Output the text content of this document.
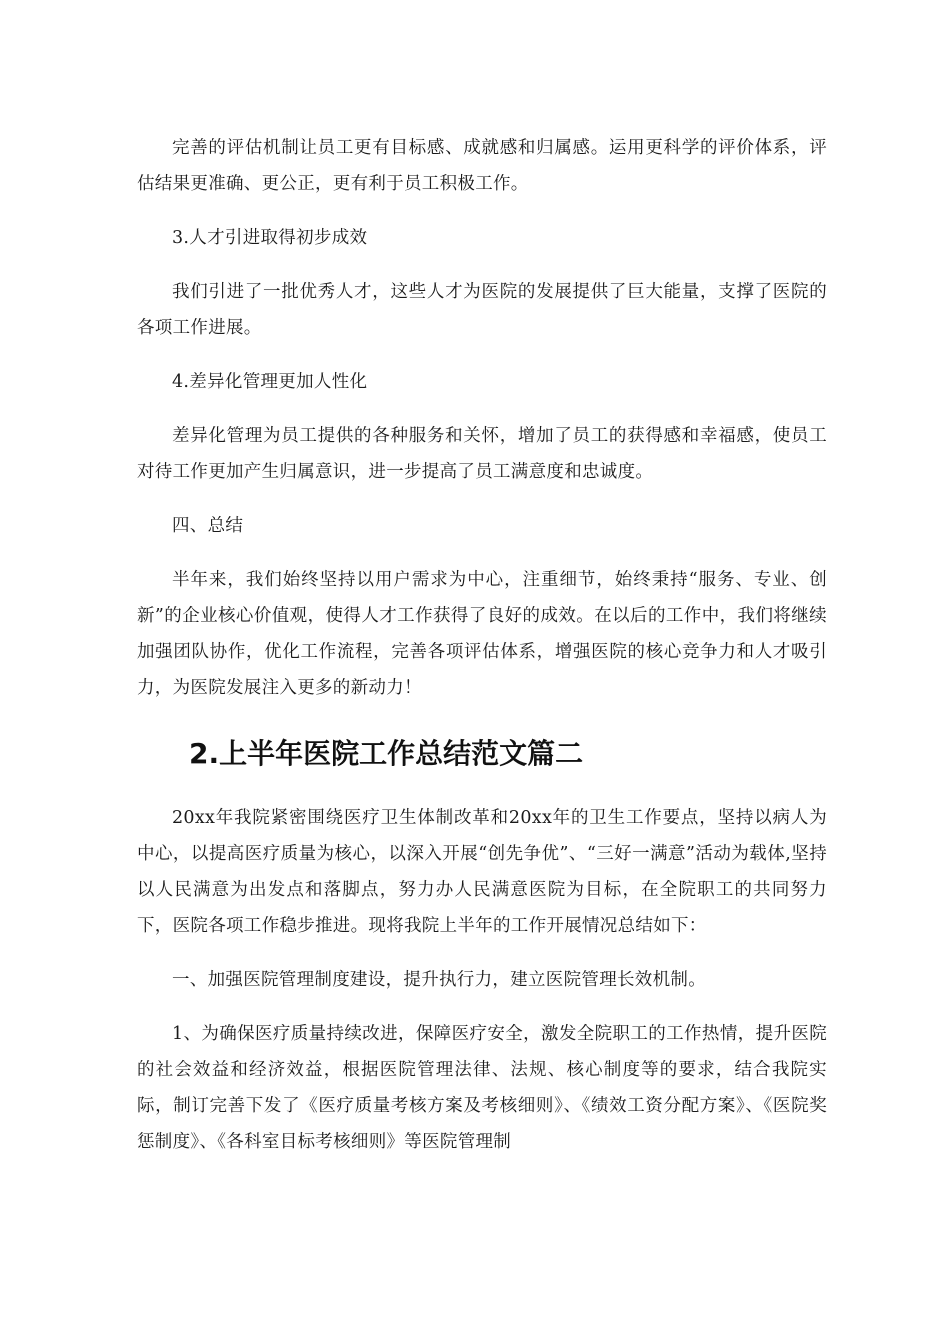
完善的评估机制让员工更有目标感、成就感和归属感。运用更科学的评价体系，评估结果更准确、更公正，更有利于员工积极工作。

3.人才引进取得初步成效

我们引进了一批优秀人才，这些人才为医院的发展提供了巨大能量，支撑了医院的各项工作进展。

4.差异化管理更加人性化

差异化管理为员工提供的各种服务和关怀，增加了员工的获得感和幸福感，使员工对待工作更加产生归属意识，进一步提高了员工满意度和忠诚度。

四、总结

半年来，我们始终坚持以用户需求为中心，注重细节，始终秉持“服务、专业、创新”的企业核心价值观，使得人才工作获得了良好的成效。在以后的工作中，我们将继续加强团队协作，优化工作流程，完善各项评估体系，增强医院的核心竞争力和人才吸引力，为医院发展注入更多的新动力！

2.上半年医院工作总结范文篇二

20xx年我院紧密围绕医疗卫生体制改革和20xx年的卫生工作要点，坚持以病人为中心，以提高医疗质量为核心，以深入开展“创先争优”、“三好一满意”活动为载体,坚持以人民满意为出发点和落脚点，努力办人民满意医院为目标，在全院职工的共同努力下，医院各项工作稳步推进。现将我院上半年的工作开展情况总结如下：

一、加强医院管理制度建设，提升执行力，建立医院管理长效机制。

1、为确保医疗质量持续改进，保障医疗安全，激发全院职工的工作热情，提升医院的社会效益和经济效益，根据医院管理法律、法规、核心制度等的要求，结合我院实际，制订完善下发了《医疗质量考核方案及考核细则》、《绩效工资分配方案》、《医院奖惩制度》、《各科室目标考核细则》等医院管理制
